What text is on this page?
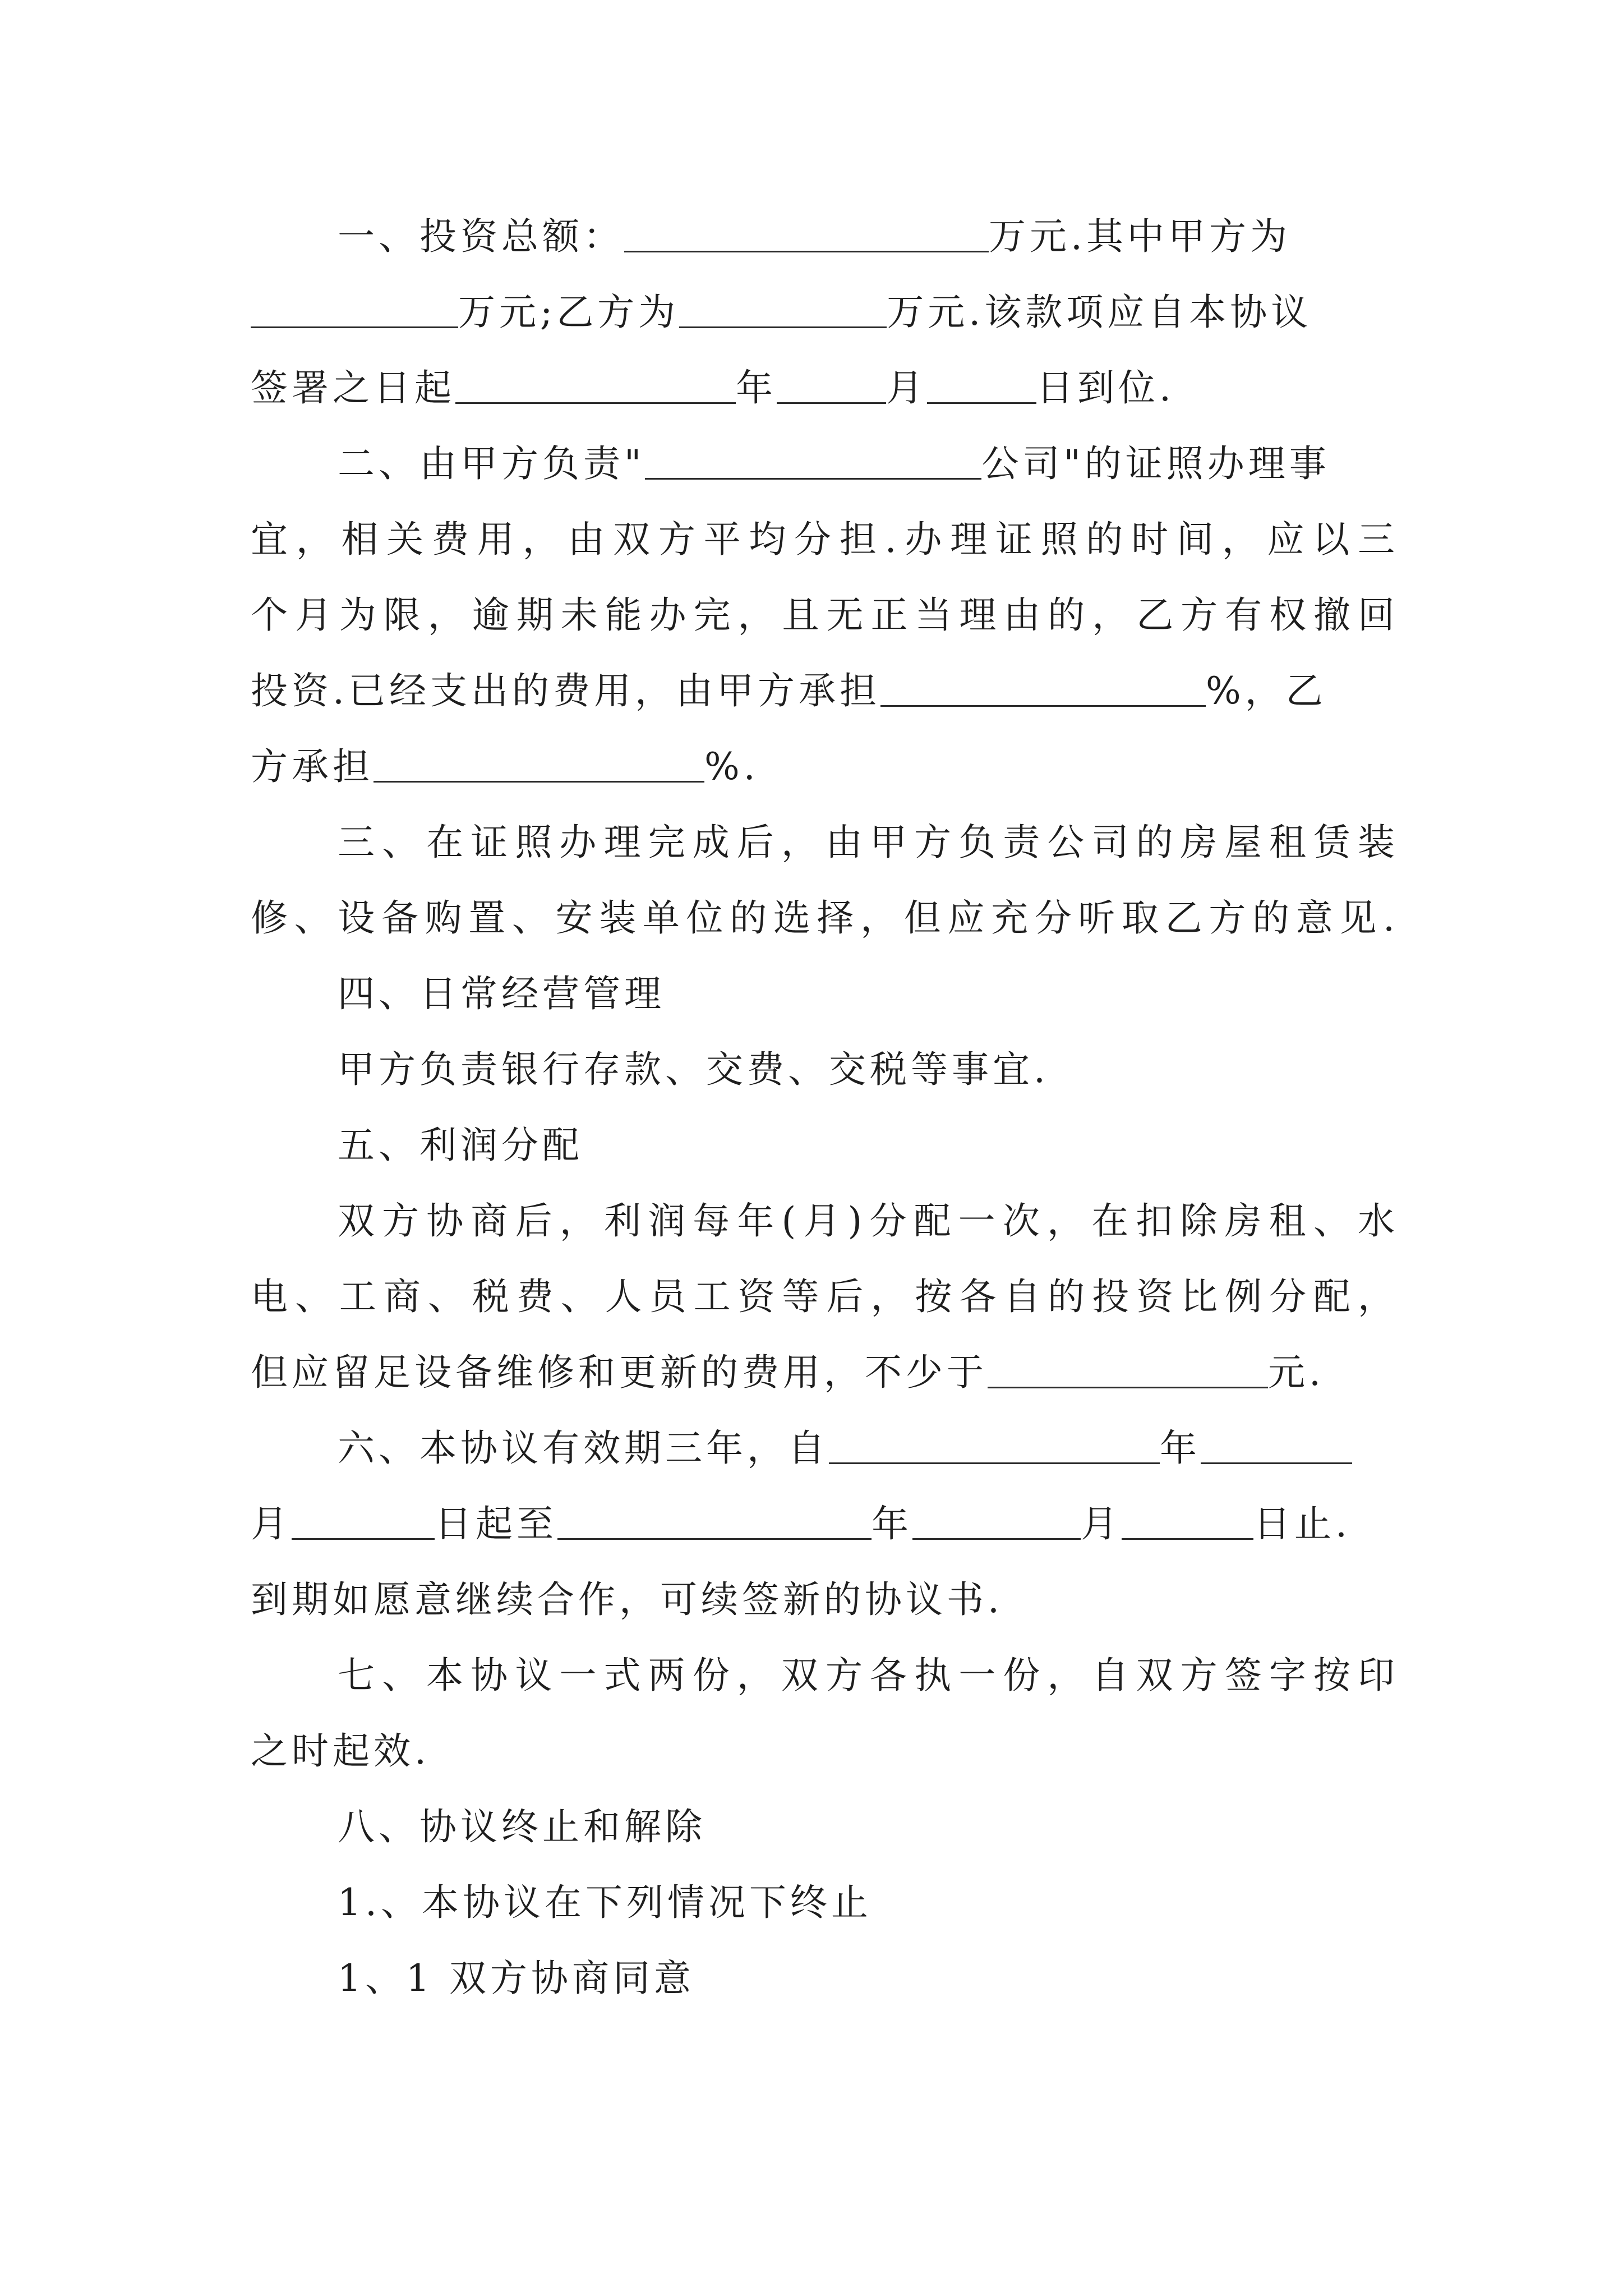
一、投资总额：	万元.其中甲方为
万元;乙方为	万元.该款项应自本协议
签署之日起	年	月	日到位.
二、由甲方负责"	公司"的证照办理事
宜，相关费用，由双方平均分担.办理证照的时间，应以三
个月为限，逾期未能办完，且无正当理由的，乙方有权撤回
投资.已经支出的费用，由甲方承担	%，乙
方承担	%.
三、在证照办理完成后，由甲方负责公司的房屋租赁装
修、设备购置、安装单位的选择，但应充分听取乙方的意见.
四、日常经营管理
甲方负责银行存款、交费、交税等事宜.
五、利润分配
双方协商后，利润每年(月)分配一次，在扣除房租、水
电、工商、税费、人员工资等后，按各自的投资比例分配，
但应留足设备维修和更新的费用，不少于	元.
六、本协议有效期三年，自	年
月	日起至	年	月	日止.
到期如愿意继续合作，可续签新的协议书.
七、本协议一式两份，双方各执一份，自双方签字按印
之时起效.
八、协议终止和解除
1.、本协议在下列情况下终止
1、1 双方协商同意
